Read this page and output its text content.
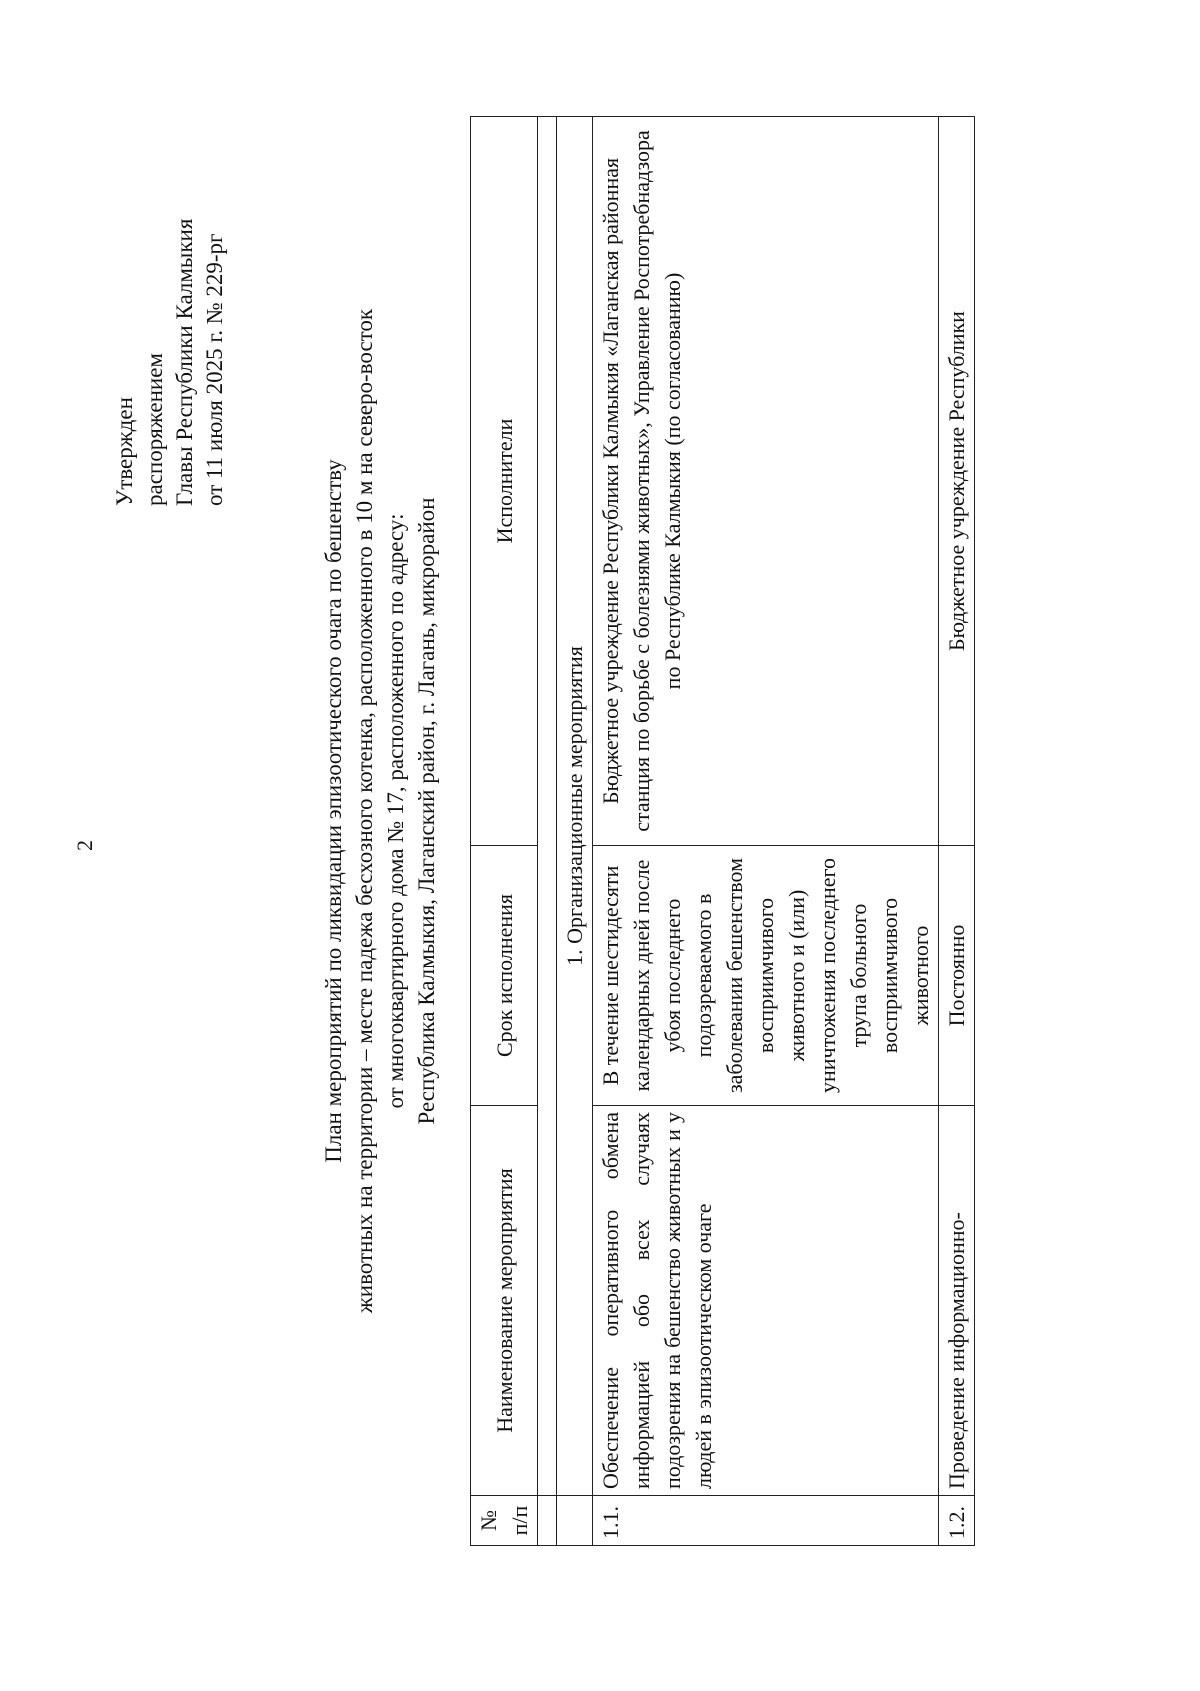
2
Утвержден распоряжением Главы Республики Калмыкия от 11 июля 2025 г. № 229-рг
План мероприятий по ликвидации эпизоотического очага по бешенству животных на территории – месте падежа бесхозного котенка, расположенного в 10 м на северо-восток от многоквартирного дома № 17, расположенного по адресу: Республика Калмыкия, Лаганский район, г. Лагань, микрорайон
№ п/п	Наименование мероприятия	Срок исполнения	Исполнители

	1. Организационные мероприятия		
1.1.	Обеспечение оперативного обмена информацией обо всех случаях подозрения на бешенство животных и у людей в эпизоотическом очаге	В течение шестидесяти календарных дней после убоя последнего подозреваемого в заболевании бешенством восприимчивого животного и (или) уничтожения последнего трупа больного восприимчивого животного	Бюджетное учреждение Республики Калмыкия «Лаганская районная станция по борьбе с болезнями животных», Управление Роспотребнадзора по Республике Калмыкия (по согласованию)
1.2.	Проведение информационно-	Постоянно	Бюджетное учреждение Республики
